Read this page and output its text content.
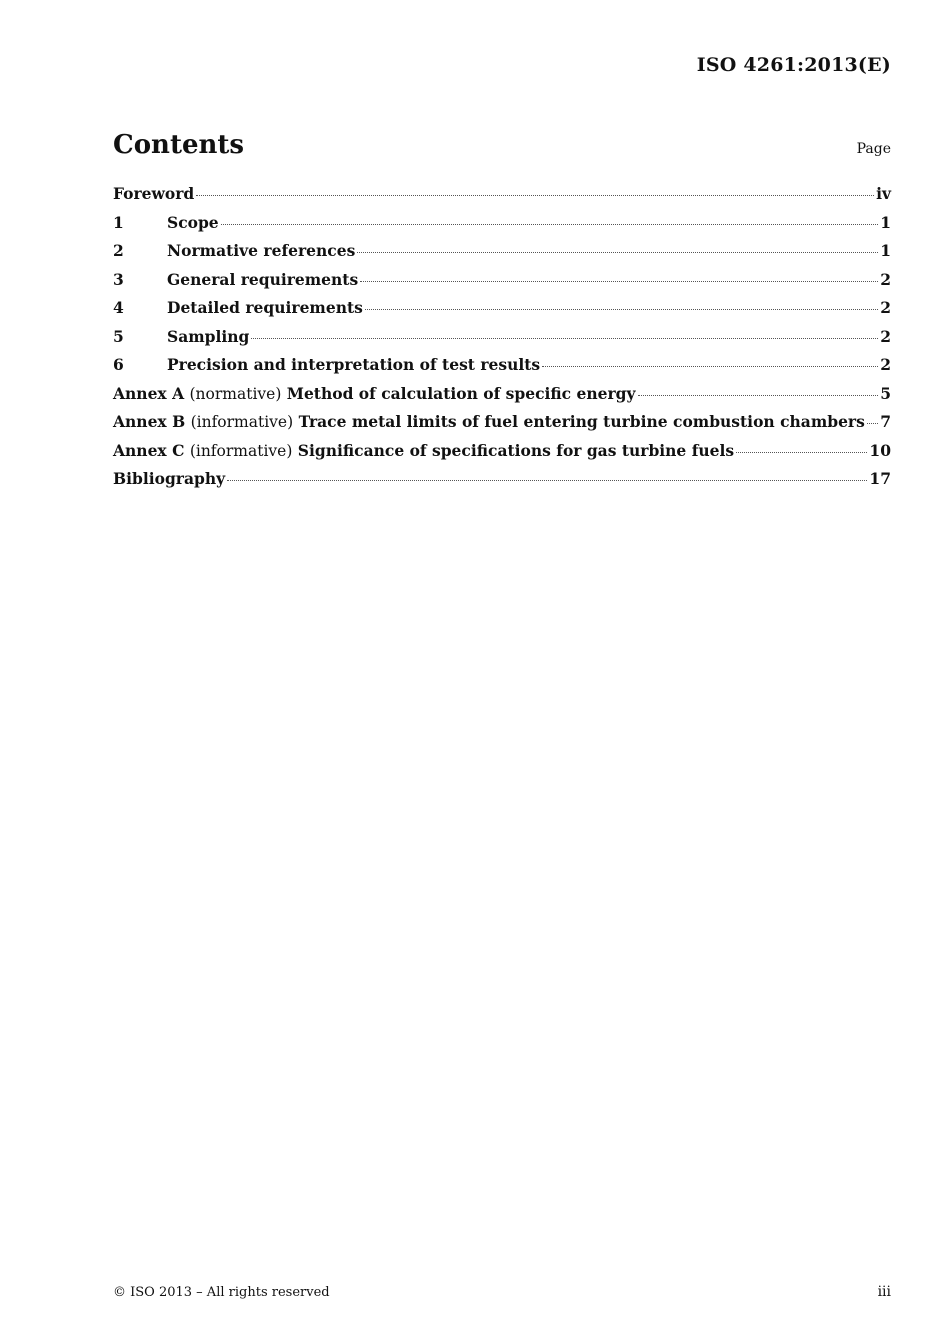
ISO 4261:2013(E)
Contents	Page
Foreword	iv
1	Scope	1
2	Normative references	1
3	General requirements	2
4	Detailed requirements	2
5	Sampling	2
6	Precision and interpretation of test results	2
Annex A (normative) Method of calculation of specific energy	5
Annex B (informative) Trace metal limits of fuel entering turbine combustion chambers 7
Annex C (informative) Significance of specifications for gas turbine fuels	10
Bibliography	17
© ISO 2013 – All rights reserved	iii
